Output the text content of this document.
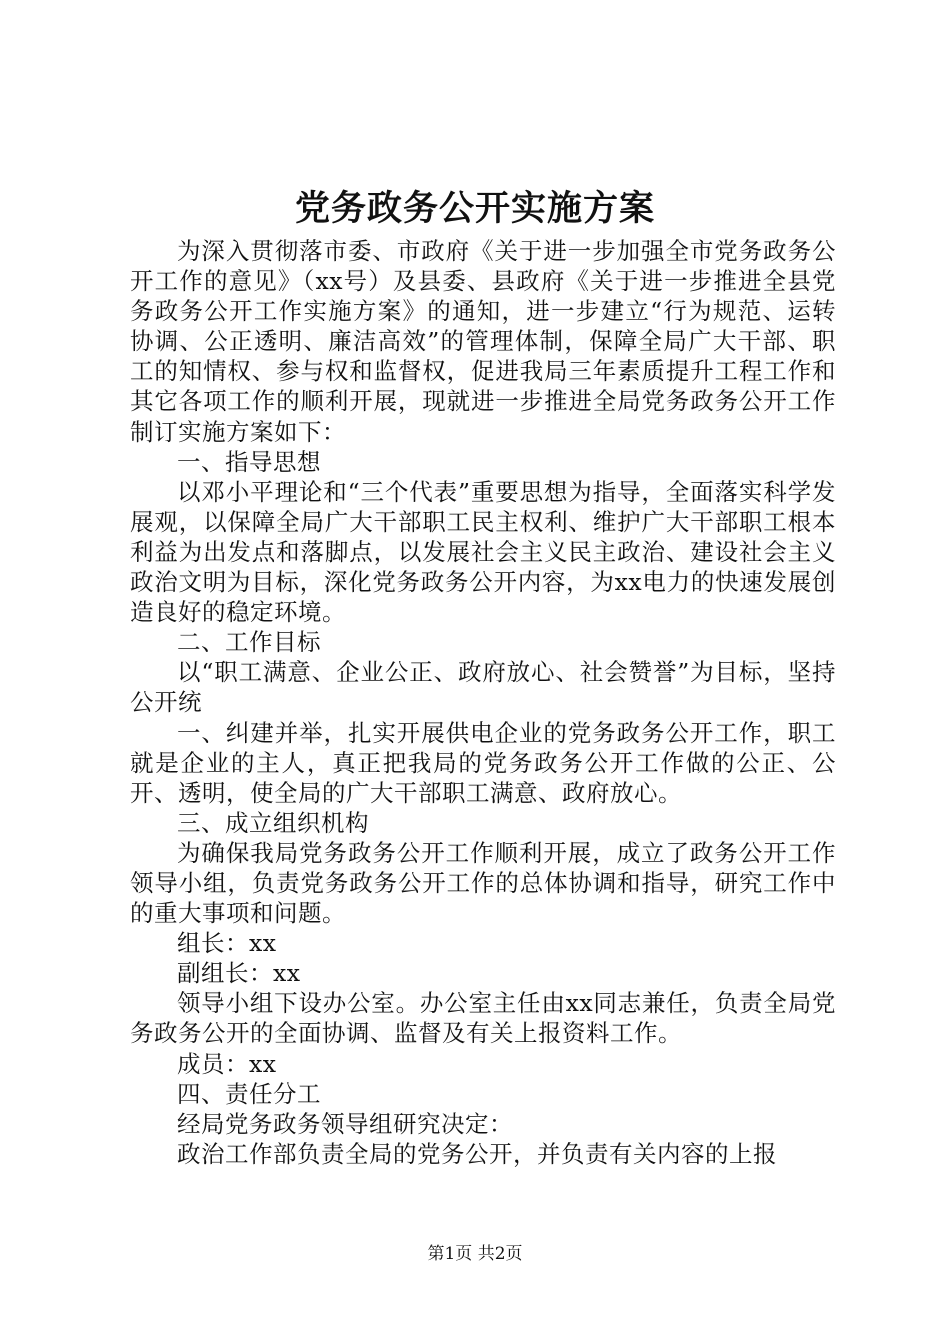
党务政务公开实施方案

为深入贯彻落市委、市政府《关于进一步加强全市党务政务公开工作的意见》（xx号）及县委、县政府《关于进一步推进全县党务政务公开工作实施方案》的通知，进一步建立“行为规范、运转协调、公正透明、廉洁高效”的管理体制，保障全局广大干部、职工的知情权、参与权和监督权，促进我局三年素质提升工程工作和其它各项工作的顺利开展，现就进一步推进全局党务政务公开工作制订实施方案如下：

一、指导思想

以邓小平理论和“三个代表”重要思想为指导，全面落实科学发展观，以保障全局广大干部职工民主权利、维护广大干部职工根本利益为出发点和落脚点，以发展社会主义民主政治、建设社会主义政治文明为目标，深化党务政务公开内容，为xx电力的快速发展创造良好的稳定环境。

二、工作目标

以“职工满意、企业公正、政府放心、社会赞誉”为目标，坚持公开统

一、纠建并举，扎实开展供电企业的党务政务公开工作，职工就是企业的主人，真正把我局的党务政务公开工作做的公正、公开、透明，使全局的广大干部职工满意、政府放心。

三、成立组织机构

为确保我局党务政务公开工作顺利开展，成立了政务公开工作领导小组，负责党务政务公开工作的总体协调和指导，研究工作中的重大事项和问题。

组长：xx

副组长：xx

领导小组下设办公室。办公室主任由xx同志兼任，负责全局党务政务公开的全面协调、监督及有关上报资料工作。

成员：xx

四、责任分工

经局党务政务领导组研究决定：

政治工作部负责全局的党务公开，并负责有关内容的上报

第1页 共2页
